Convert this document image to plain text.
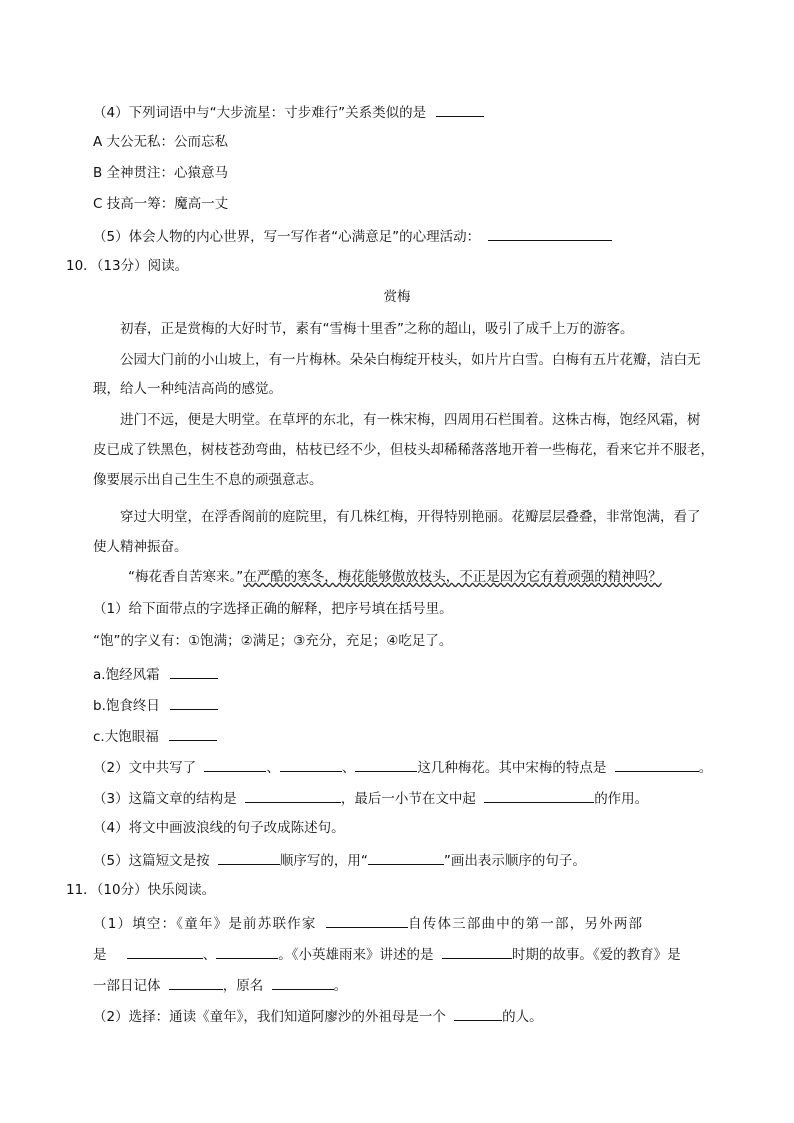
（4）下列词语中与“大步流星：寸步难行”关系类似的是
A 大公无私：公而忘私
B 全神贯注：心猿意马
C 技高一筹：魔高一丈
（5）体会人物的内心世界，写一写作者“心满意足”的心理活动：
10．（13分）阅读。
赏梅
初春，正是赏梅的大好时节，素有“雪梅十里香”之称的超山，吸引了成千上万的游客。
公园大门前的小山坡上，有一片梅林。朵朵白梅绽开枝头，如片片白雪。白梅有五片花瓣，洁白无
瑕，给人一种纯洁高尚的感觉。
进门不远，便是大明堂。在草坪的东北，有一株宋梅，四周用石栏围着。这株古梅，饱经风霜，树
皮已成了铁黑色，树枝苍劲弯曲，枯枝已经不少，但枝头却稀稀落落地开着一些梅花，看来它并不服老，
像要展示出自己生生不息的顽强意志。
穿过大明堂，在浮香阁前的庭院里，有几株红梅，开得特别艳丽。花瓣层层叠叠，非常饱满，看了
使人精神振奋。
“梅花香自苦寒来。”在严酷的寒冬，梅花能够傲放枝头，不正是因为它有着顽强的精神吗？
（1）给下面带点的字选择正确的解释，把序号填在括号里。
“饱”的字义有：①饱满；②满足；③充分，充足；④吃足了。
a.饱经风霜
b.饱食终日
c.大饱眼福
（2）文中共写了	、	、	这几种梅花。其中宋梅的特点是	。
（3）这篇文章的结构是	，最后一小节在文中起	的作用。
（4）将文中画波浪线的句子改成陈述句。
（5）这篇短文是按	顺序写的，用“	”画出表示顺序的句子。
11．（10分）快乐阅读。
（1）填空：《童年》是前苏联作家	自传体三部曲中的第一部，另外两部
是	、	。《小英雄雨来》讲述的是	时期的故事。《爱的教育》是
一部日记体	，原名	。
（2）选择：通读《童年》，我们知道阿廖沙的外祖母是一个	的人。
